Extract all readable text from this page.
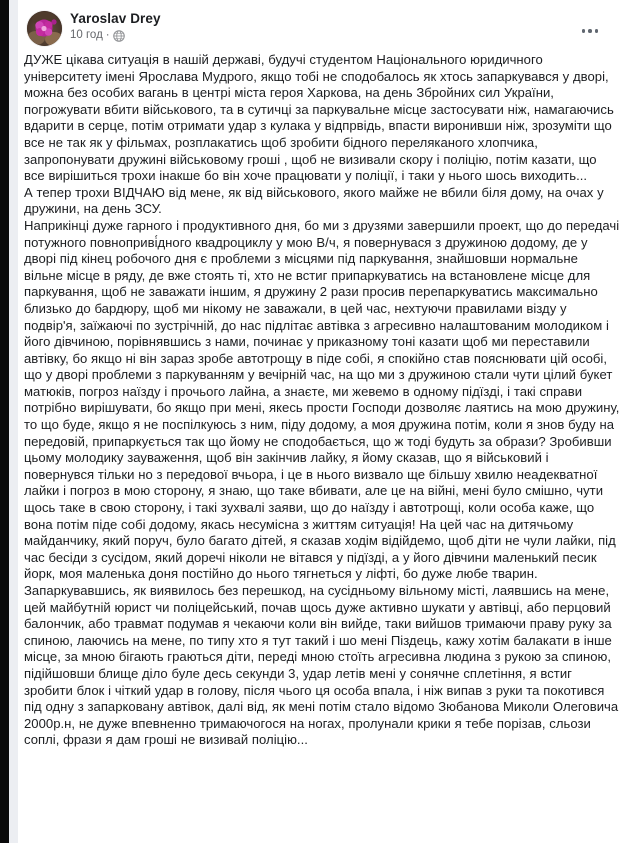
Yaroslav Drey
10 год ·

ДУЖЕ цікава ситуація в нашій державі, будучі студентом Національного юридичного університету імені Ярослава Мудрого, якщо тобі не сподобалось як хтось запаркувався у дворі, можна без особих вагань в центрі міста героя Харкова, на день Збройних сил України, погрожувати вбити військового, та в сутичці за паркувальне місце застосувати ніж, намагаючись вдарити в серце, потім отримати удар з кулака у відпрвідь, впасти виронивши ніж, зрозуміти що все не так як у фільмах, розплакатись щоб зробити бідного переляканого хлопчика, запропонувати дружині військовому гроші , щоб не визивали скору і поліцію, потім казати, що все вирішиться трохи інакше бо він хоче працювати у поліції, і таки у нього шось виходить...

А тепер трохи ВІДЧАЮ від мене, як від військового, якого майже не вбили біля дому, на очах у дружини, на день ЗСУ.

Наприкінці дуже гарного і продуктивного дня, бо ми з друзями завершили проект, що до передачі потужного повноприві́дного квадроциклу у мою В/ч, я повернувася з дружиною додому, де у дворі під кінец робочого дня є проблеми з місцями під паркування, знайшовши нормальне вільне місце в ряду, де вже стоять ті, хто не встиг припаркуватись на встановлене місце для паркування, щоб не заважати іншим, я дружину 2 рази просив перепаркуватись максимально близько до бардюру, щоб ми нікому не заважали, в цей час, нехтуючи правилами візду у подвір'я, заїжаючі по зустрічній, до нас підлітає автівка з агресивно налаштованим молодиком і його дівчиною, порівнявшись з нами, починає у приказному тоні казати щоб ми переставили автівку, бо якщо ні він зараз зробе автотрощу в піде собі, я спокійно став пояснювати цій особі, що у дворі проблеми з паркуванням у вечірній час, на що ми з дружиною стали чути цілий букет матюків, погроз наїзду і прочього лайна, а знаєте, ми жевемо в одному підїзді, і такі справи потрібно вирішувати, бо якщо при мені, якесь прости Господи дозволяє лаятись на мою дружину, то що буде, якщо я не поспілкуюсь з ним, піду додому, а моя дружина потім, коли я знов буду на передовій, припаркується так що йому не сподобається, що ж тоді будуть за образи? Зробивши цьому молодику зауваження, щоб він закінчив лайку, я йому сказав, що я військовий і повернувся тільки но з передової вчьора, і це в нього визвало ще більшу хвилю неадекватної лайки і погроз в мою сторону, я знаю, що таке вбивати, але це на війні, мені було смішно, чути щось таке в свою сторону, і такі зухвалі заяви, що до наїзду і автотрощі, коли особа каже, що вона потім піде собі додому, якась несумісна з життям ситуація! На цей час на дитячьому майданчику, який поруч, було багато дітей, я сказав ходім відійдемо, щоб діти не чули лайки, під час бесіди з сусідом, який доречі ніколи не вітався у підїзді, а у його дівчини маленький песик йорк, моя маленька доня постійно до нього тягнеться у ліфті, бо дуже любе тварин. Запаркувавшись, як виявилось без перешкод, на сусідньому вільному місті, лаявшись на мене, цей майбутній юрист чи поліцейський, почав щось дуже активно шукати у автівці, або перцовий балончик, або травмат подумав я чекаючи коли він вийде, таки вийшов тримаючи праву руку за спиною, лаючись на мене, по типу хто я тут такий і шо мені Піздець, кажу хотім балакати в інше місце, за мною бігають граються діти, переді мною стоїть агресивна людина з рукою за спиною, підійшовши блище діло буле десь секунди 3, удар летів мені у сонячне сплетіння, я встиг зробити блок і чіткий удар в голову, після чього ця особа впала, і ніж випав з руки та покотився під одну з запарковану автівок, далі від, як мені потім стало відомо Зюбанова Миколи Олеговича 2000р.н, не дуже впевненно тримаючогося на ногах, пролунали крики я тебе порізав, сльози соплі, фрази я дам гроші не визивай поліцію...
